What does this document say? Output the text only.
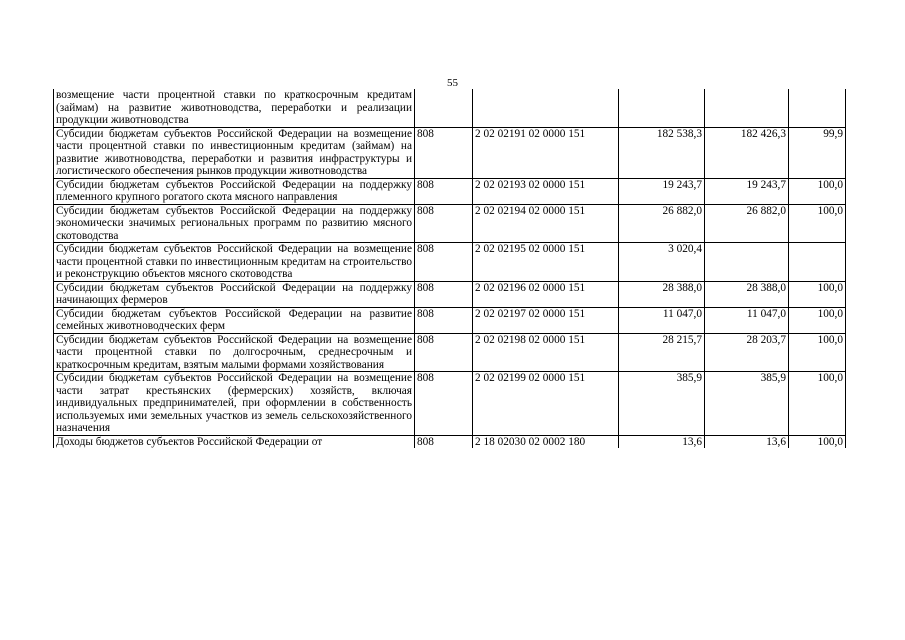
55
возмещение части процентной ставки по краткосрочным кредитам (займам) на развитие животноводства, переработки и реализации продукции животноводства					
Субсидии бюджетам субъектов Российской Федерации на возмещение части процентной ставки по инвестиционным кредитам (займам) на развитие животноводства, переработки и развития инфраструктуры и логистического обеспечения рынков продукции животноводства	808	2 02 02191 02 0000 151	182 538,3	182 426,3	99,9
Субсидии бюджетам субъектов Российской Федерации на поддержку племенного крупного рогатого скота мясного направления	808	2 02 02193 02 0000 151	19 243,7	19 243,7	100,0
Субсидии бюджетам субъектов Российской Федерации на поддержку экономически значимых региональных программ по развитию мясного скотоводства	808	2 02 02194 02 0000 151	26 882,0	26 882,0	100,0
Субсидии бюджетам субъектов Российской Федерации на возмещение части процентной ставки по инвестиционным кредитам на строительство и реконструкцию объектов мясного скотоводства	808	2 02 02195 02 0000 151	3 020,4		
Субсидии бюджетам субъектов Российской Федерации на поддержку начинающих фермеров	808	2 02 02196 02 0000 151	28 388,0	28 388,0	100,0
Субсидии бюджетам субъектов Российской Федерации на развитие семейных животноводческих ферм	808	2 02 02197 02 0000 151	11 047,0	11 047,0	100,0
Субсидии бюджетам субъектов Российской Федерации на возмещение части процентной ставки по долгосрочным, среднесрочным и краткосрочным кредитам, взятым малыми формами хозяйствования	808	2 02 02198 02 0000 151	28 215,7	28 203,7	100,0
Субсидии бюджетам субъектов Российской Федерации на возмещение части затрат крестьянских (фермерских) хозяйств, включая индивидуальных предпринимателей, при оформлении в собственность используемых ими земельных участков из земель сельскохозяйственного назначения	808	2 02 02199 02 0000 151	385,9	385,9	100,0
Доходы бюджетов субъектов Российской Федерации от	808	2 18 02030 02 0002 180	13,6	13,6	100,0
